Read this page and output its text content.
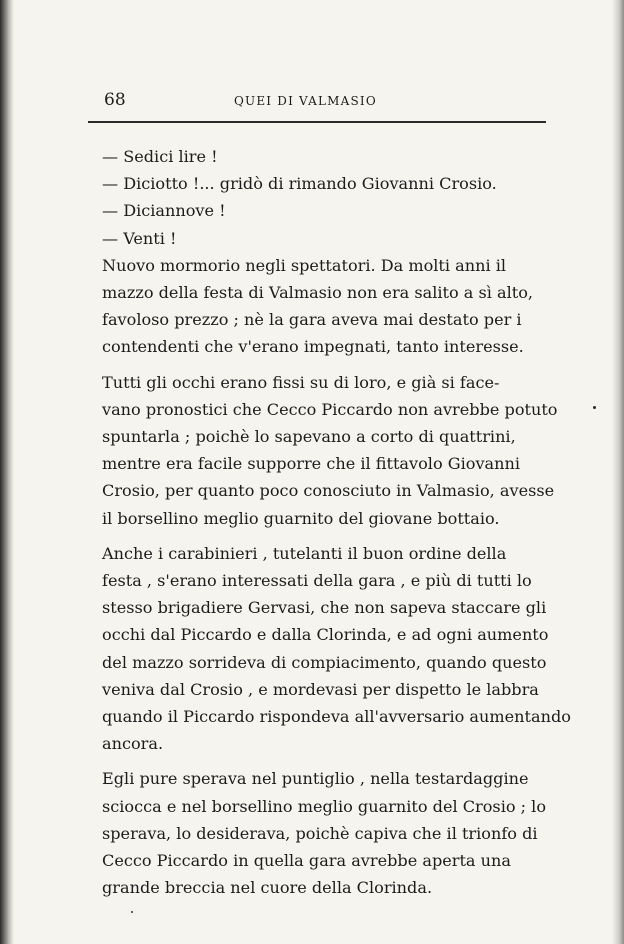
68	QUEI DI VALMASIO
— Sedici lire !
— Diciotto !... gridò di rimando Giovanni Crosio.
— Diciannove !
— Venti !
Nuovo mormorio negli spettatori. Da molti anni il
mazzo della festa di Valmasio non era salito a sì alto,
favoloso prezzo ; nè la gara aveva mai destato per i
contendenti che v'erano impegnati, tanto interesse.
Tutti gli occhi erano fissi su di loro, e già si face-
vano pronostici che Cecco Piccardo non avrebbe potuto
spuntarla ; poichè lo sapevano a corto di quattrini,
mentre era facile supporre che il fittavolo Giovanni
Crosio, per quanto poco conosciuto in Valmasio, avesse
il borsellino meglio guarnito del giovane bottaio.
Anche i carabinieri , tutelanti il buon ordine della
festa , s'erano interessati della gara , e più di tutti lo
stesso brigadiere Gervasi, che non sapeva staccare gli
occhi dal Piccardo e dalla Clorinda, e ad ogni aumento
del mazzo sorrideva di compiacimento, quando questo
veniva dal Crosio , e mordevasi per dispetto le labbra
quando il Piccardo rispondeva all'avversario aumentando
ancora.
Egli pure sperava nel puntiglio , nella testardaggine
sciocca e nel borsellino meglio guarnito del Crosio ; lo
sperava, lo desiderava, poichè capiva che il trionfo di
Cecco Piccardo in quella gara avrebbe aperta una
grande breccia nel cuore della Clorinda.
